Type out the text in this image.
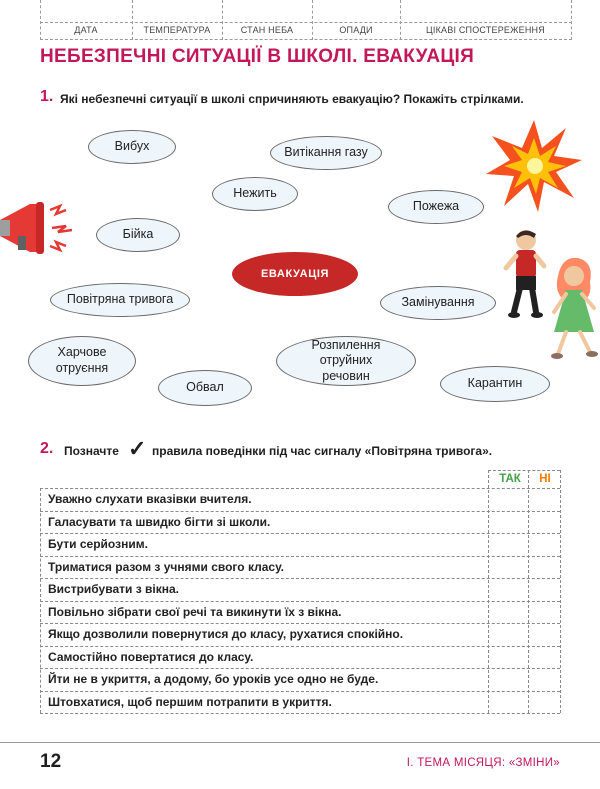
ДАТА	ТЕМПЕРАТУРА	СТАН НЕБА	ОПАДИ	ЦІКАВІ СПОСТЕРЕЖЕННЯ
НЕБЕЗПЕЧНІ СИТУАЦІЇ В ШКОЛІ. ЕВАКУАЦІЯ
1. Які небезпечні ситуації в школі спричиняють евакуацію? Покажіть стрілками.
Вибух	Витікання газу
Нежить
Пожежа
Бійка
ЕВАКУАЦІЯ
Повітряна тривога	Замінування
Харчове отруєння
Розпилення отруйних речовин
Обвал	Карантин
2. Позначте ✓ правила поведінки під час сигналу «Повітряна тривога».
ТАК	НІ
Уважно слухати вказівки вчителя.
Галасувати та швидко бігти зі школи.
Бути серйозним.
Триматися разом з учнями свого класу.
Вистрибувати з вікна.
Повільно зібрати свої речі та викинути їх з вікна.
Якщо дозволили повернутися до класу, рухатися спокійно.
Самостійно повертатися до класу.
Йти не в укриття, а додому, бо уроків усе одно не буде.
Штовхатися, щоб першим потрапити в укриття.
12	І. ТЕМА МІСЯЦЯ: «ЗМІНИ»
